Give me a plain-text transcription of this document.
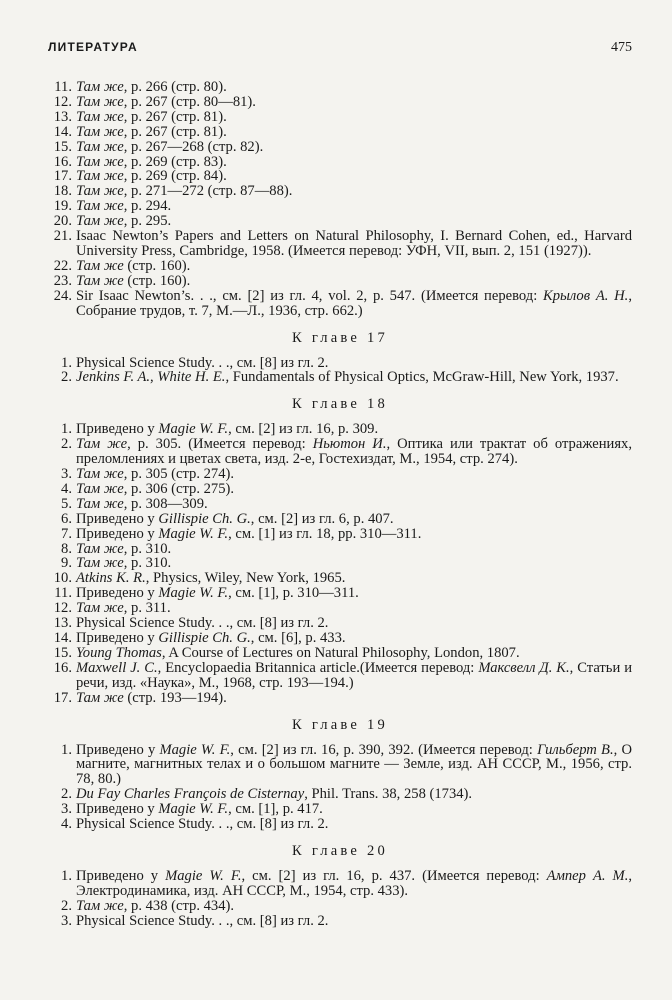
ЛИТЕРАТУРА	475
11. Там же, р. 266 (стр. 80).
12. Там же, р. 267 (стр. 80—81).
13. Там же, р. 267 (стр. 81).
14. Там же, р. 267 (стр. 81).
15. Там же, р. 267—268 (стр. 82).
16. Там же, р. 269 (стр. 83).
17. Там же, р. 269 (стр. 84).
18. Там же, р. 271—272 (стр. 87—88).
19. Там же, р. 294.
20. Там же, р. 295.
21. Isaac Newton’s Papers and Letters on Natural Philosophy, I. Bernard Cohen, ed., Harvard University Press, Cambridge, 1958. (Имеется перевод: УФН, VII, вып. 2, 151 (1927)).
22. Там же (стр. 160).
23. Там же (стр. 160).
24. Sir Isaac Newton’s. . ., см. [2] из гл. 4, vol. 2, р. 547. (Имеется перевод: Крылов А. Н., Собрание трудов, т. 7, М.—Л., 1936, стр. 662.)
К главе 17
1. Physical Science Study. . ., см. [8] из гл. 2.
2. Jenkins F. A., White H. E., Fundamentals of Physical Optics, McGraw-Hill, New York, 1937.
К главе 18
1. Приведено у Magie W. F., см. [2] из гл. 16, р. 309.
2. Там же, р. 305. (Имеется перевод: Ньютон И., Оптика или трактат об отражениях, преломлениях и цветах света, изд. 2-е, Гостехиздат, М., 1954, стр. 274).
3. Там же, р. 305 (стр. 274).
4. Там же, р. 306 (стр. 275).
5. Там же, р. 308—309.
6. Приведено у Gillispie Ch. G., см. [2] из гл. 6, р. 407.
7. Приведено у Magie W. F., см. [1] из гл. 18, рр. 310—311.
8. Там же, р. 310.
9. Там же, р. 310.
10. Atkins K. R., Physics, Wiley, New York, 1965.
11. Приведено у Magie W. F., см. [1], р. 310—311.
12. Там же, р. 311.
13. Physical Science Study. . ., см. [8] из гл. 2.
14. Приведено у Gillispie Ch. G., см. [6], р. 433.
15. Young Thomas, A Course of Lectures on Natural Philosophy, London, 1807.
16. Maxwell J. C., Encyclopaedia Britannica article.(Имеется перевод: Максвелл Д. К., Статьи и речи, изд. «Наука», М., 1968, стр. 193—194.)
17. Там же (стр. 193—194).
К главе 19
1. Приведено у Magie W. F., см. [2] из гл. 16, р. 390, 392. (Имеется перевод: Гильберт В., О магните, магнитных телах и о большом магните — Земле, изд. АН СССР, М., 1956, стр. 78, 80.)
2. Du Fay Charles François de Cisternay, Phil. Trans. 38, 258 (1734).
3. Приведено у Magie W. F., см. [1], р. 417.
4. Physical Science Study. . ., см. [8] из гл. 2.
К главе 20
1. Приведено у Magie W. F., см. [2] из гл. 16, р. 437. (Имеется перевод: Ампер А. М., Электродинамика, изд. АН СССР, М., 1954, стр. 433).
2. Там же, р. 438 (стр. 434).
3. Physical Science Study. . ., см. [8] из гл. 2.
